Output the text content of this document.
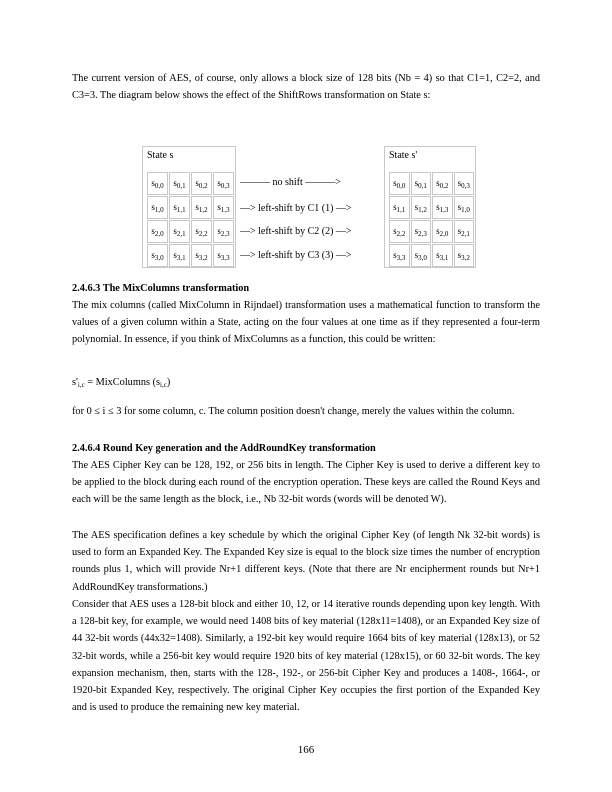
The current version of AES, of course, only allows a block size of 128 bits (Nb = 4) so that C1=1, C2=2, and C3=3. The diagram below shows the effect of the ShiftRows transformation on State s:

State s
$s_{0,0}$	$s_{0,1}$	$s_{0,2}$	$s_{0,3}$
$s_{1,0}$	$s_{1,1}$	$s_{1,2}$	$s_{1,3}$
$s_{2,0}$	$s_{2,1}$	$s_{2,2}$	$s_{2,3}$
$s_{3,0}$	$s_{3,1}$	$s_{3,2}$	$s_{3,3}$
——— no shift ———>
—> left-shift by C1 (1) —>
—> left-shift by C2 (2) —>
—> left-shift by C3 (3) —>
State s'
$s_{0,0}$	$s_{0,1}$	$s_{0,2}$	$s_{0,3}$
$s_{1,1}$	$s_{1,2}$	$s_{1,3}$	$s_{1,0}$
$s_{2,2}$	$s_{2,3}$	$s_{2,0}$	$s_{2,1}$
$s_{3,3}$	$s_{3,0}$	$s_{3,1}$	$s_{3,2}$

2.4.6.3 The MixColumns transformation

The mix columns (called MixColumn in Rijndael) transformation uses a mathematical function to transform the values of a given column within a State, acting on the four values at one time as if they represented a four-term polynomial. In essence, if you think of MixColumns as a function, this could be written:

$s'_{i,c}$ = MixColumns $(s_{i,c})$

for 0 ≤ i ≤ 3 for some column, c. The column position doesn't change, merely the values within the column.

2.4.6.4 Round Key generation and the AddRoundKey transformation

The AES Cipher Key can be 128, 192, or 256 bits in length. The Cipher Key is used to derive a different key to be applied to the block during each round of the encryption operation. These keys are called the Round Keys and each will be the same length as the block, i.e., Nb 32-bit words (words will be denoted W).

The AES specification defines a key schedule by which the original Cipher Key (of length Nk 32-bit words) is used to form an Expanded Key. The Expanded Key size is equal to the block size times the number of encryption rounds plus 1, which will provide Nr+1 different keys. (Note that there are Nr encipherment rounds but Nr+1 AddRoundKey transformations.)

Consider that AES uses a 128-bit block and either 10, 12, or 14 iterative rounds depending upon key length. With a 128-bit key, for example, we would need 1408 bits of key material (128x11=1408), or an Expanded Key size of 44 32-bit words (44x32=1408). Similarly, a 192-bit key would require 1664 bits of key material (128x13), or 52 32-bit words, while a 256-bit key would require 1920 bits of key material (128x15), or 60 32-bit words. The key expansion mechanism, then, starts with the 128-, 192-, or 256-bit Cipher Key and produces a 1408-, 1664-, or 1920-bit Expanded Key, respectively. The original Cipher Key occupies the first portion of the Expanded Key and is used to produce the remaining new key material.

166
